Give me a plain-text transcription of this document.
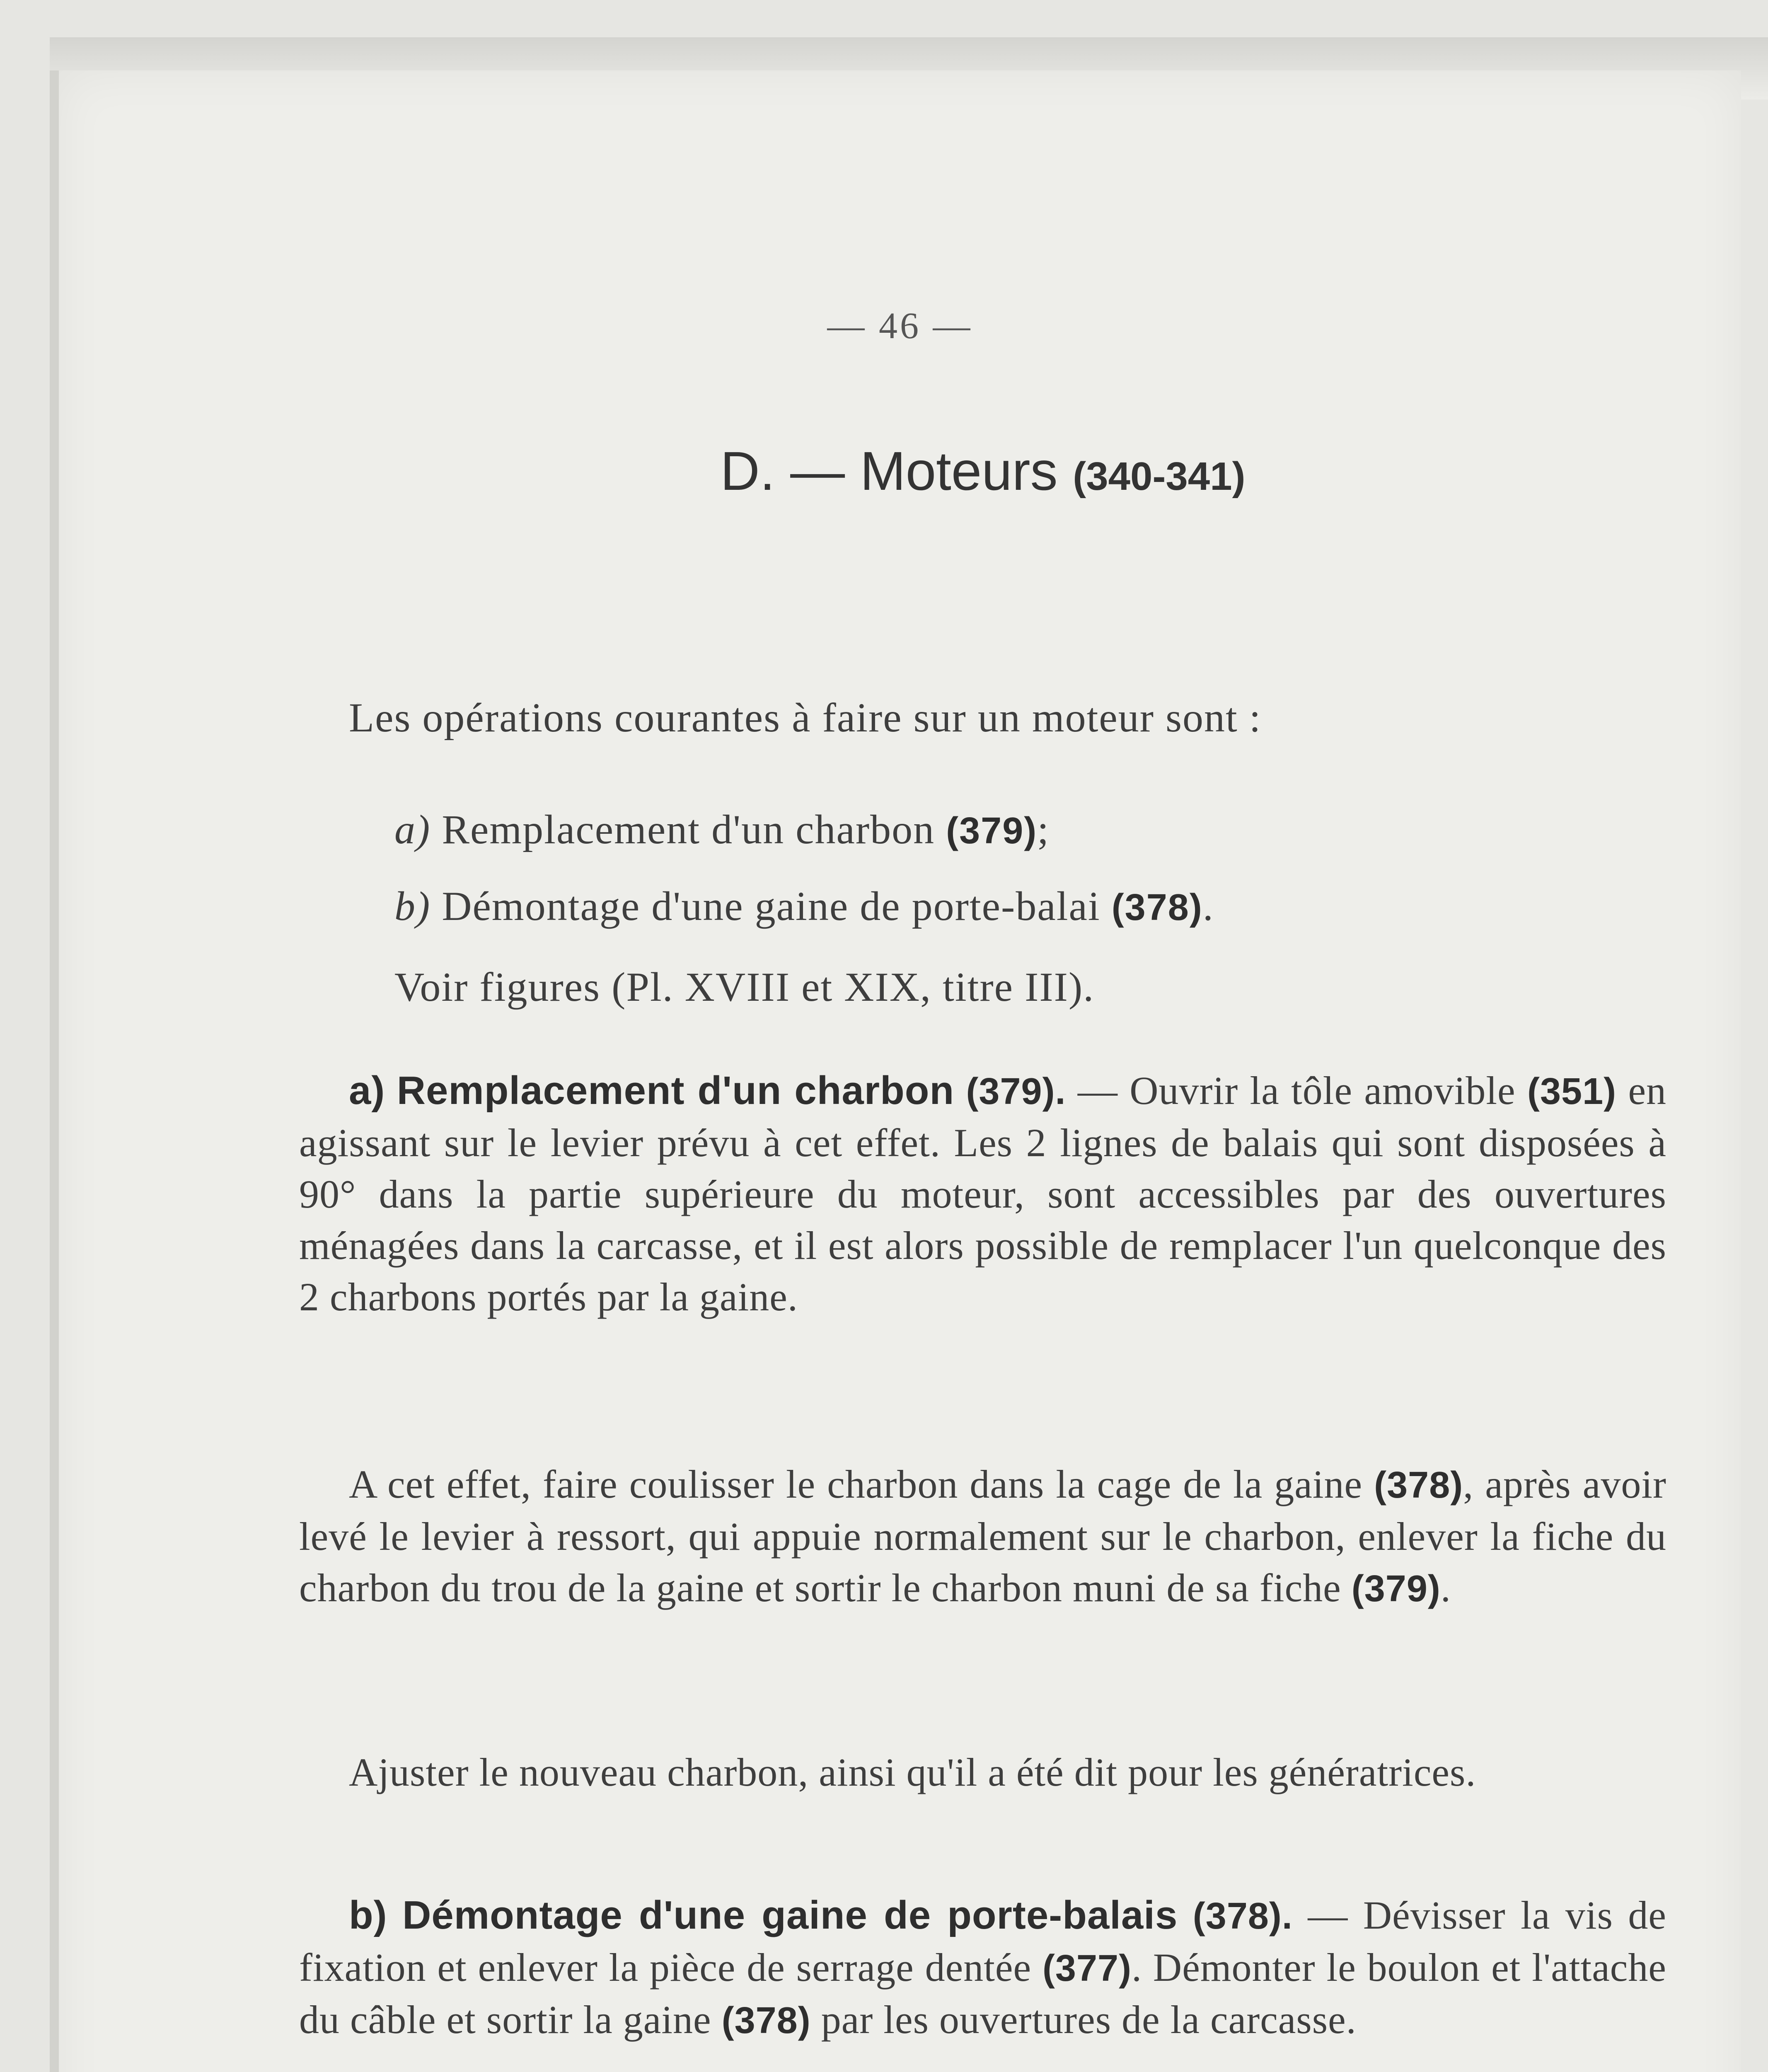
— 46 —
D. — Moteurs (340-341)
Les opérations courantes à faire sur un moteur sont :
a) Remplacement d'un charbon (379);
b) Démontage d'une gaine de porte-balai (378).
Voir figures (Pl. XVIII et XIX, titre III).
a) Remplacement d'un charbon (379). — Ouvrir la tôle amovible (351) en agissant sur le levier prévu à cet effet. Les 2 lignes de balais qui sont disposées à 90° dans la partie supérieure du moteur, sont accessibles par des ouvertures ménagées dans la carcasse, et il est alors possible de remplacer l'un quelconque des 2 charbons portés par la gaine.
A cet effet, faire coulisser le charbon dans la cage de la gaine (378), après avoir levé le levier à ressort, qui appuie normalement sur le charbon, enlever la fiche du charbon du trou de la gaine et sortir le charbon muni de sa fiche (379).
Ajuster le nouveau charbon, ainsi qu'il a été dit pour les génératrices.
b) Démontage d'une gaine de porte-balais (378). — Dévisser la vis de fixation et enlever la pièce de serrage dentée (377). Démonter le boulon et l'attache du câble et sortir la gaine (378) par les ouvertures de la carcasse.
